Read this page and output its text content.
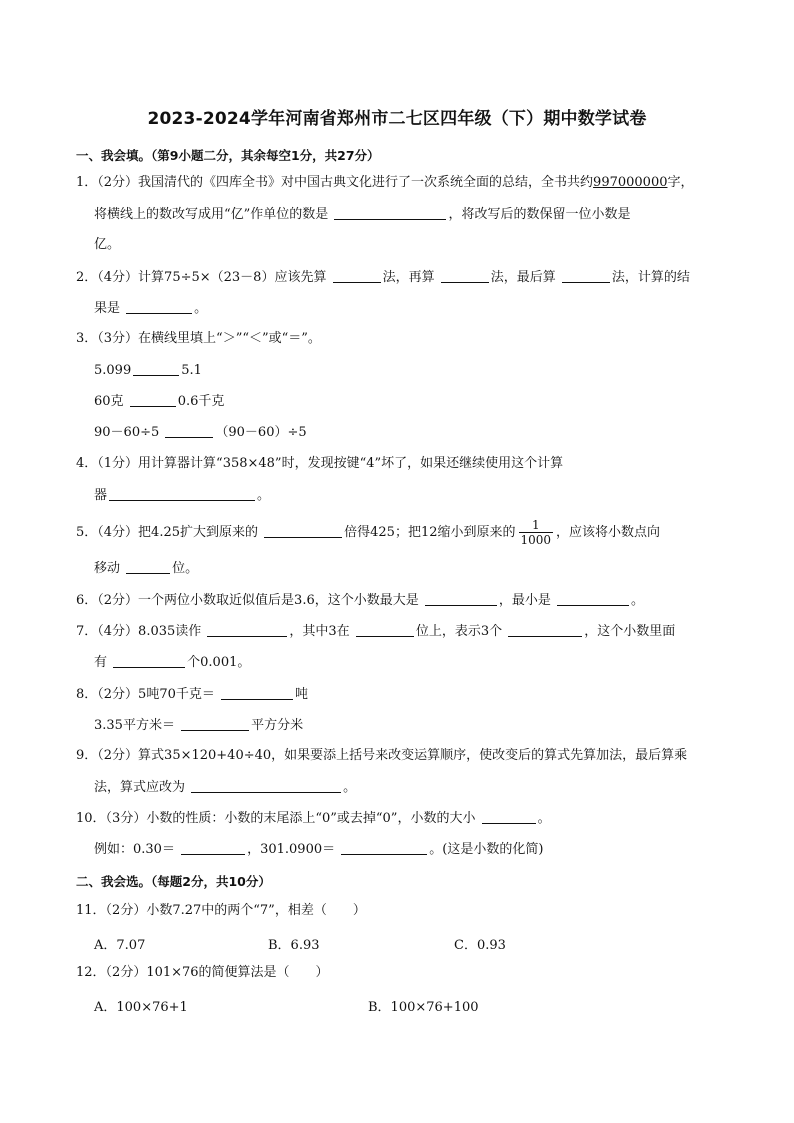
2023-2024学年河南省郑州市二七区四年级（下）期中数学试卷
一、我会填。（第9小题二分，其余每空1分，共27分）
1．（2分）我国清代的《四库全书》对中国古典文化进行了一次系统全面的总结，全书共约997000000字，
将横线上的数改写成用“亿”作单位的数是	，将改写后的数保留一位小数是
亿。
2．（4分）计算75÷5×（23－8）应该先算	法，再算	法，最后算	法，计算的结
果是	。
3．（3分）在横线里填上“＞”“＜”或“＝”。
5.099	5.1
60克	0.6千克
90－60÷5	（90－60）÷5
4．（1分）用计算器计算“358×48”时，发现按键“4”坏了，如果还继续使用这个计算
器	。
5．（4分）把4.25扩大到原来的	倍得425；把12缩小到原来的 $\frac{1}{1000}$ ，应该将小数点向
移动	位。
6．（2分）一个两位小数取近似值后是3.6，这个小数最大是	，最小是	。
7．（4分）8.035读作	，其中3在	位上，表示3个	，这个小数里面
有	个0.001。
8．（2分）5吨70千克＝	吨
3.35平方米＝	平方分米
9．（2分）算式35×120+40÷40，如果要添上括号来改变运算顺序，使改变后的算式先算加法，最后算乘
法，算式应改为	。
10．（3分）小数的性质：小数的末尾添上“0”或去掉“0”，小数的大小	。
例如：0.30＝	，301.0900＝	。(这是小数的化简)
二、我会选。（每题2分，共10分）
11．（2分）小数7.27中的两个“7”，相差（　　）
A．7.07	B．6.93	C．0.93
12．（2分）101×76的简便算法是（　　）
A．100×76+1	B．100×76+100
